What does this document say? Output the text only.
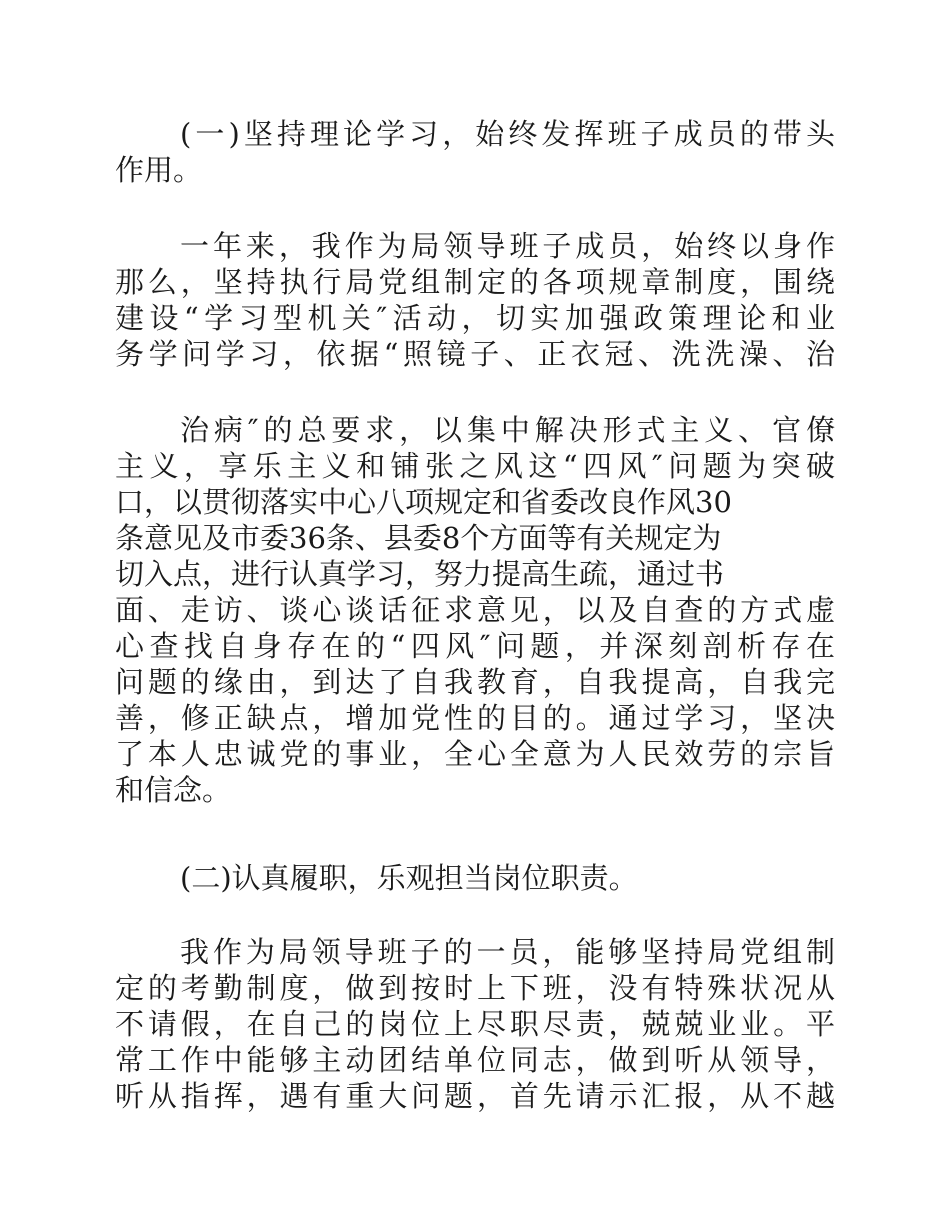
(一)坚持理论学习，始终发挥班子成员的带头

作用。

一年来，我作为局领导班子成员，始终以身作

那么，坚持执行局党组制定的各项规章制度，围绕

建设“学习型机关″活动，切实加强政策理论和业

务学问学习，依据“照镜子、正衣冠、洗洗澡、治

治病″的总要求，以集中解决形式主义、官僚

主义，享乐主义和铺张之风这“四风″问题为突破

口，以贯彻落实中心八项规定和省委改良作风30

条意见及市委36条、县委8个方面等有关规定为

切入点，进行认真学习，努力提高生疏，通过书

面、走访、谈心谈话征求意见，以及自查的方式虚

心查找自身存在的“四风″问题，并深刻剖析存在

问题的缘由，到达了自我教育，自我提高，自我完

善，修正缺点，增加党性的目的。通过学习，坚决

了本人忠诚党的事业，全心全意为人民效劳的宗旨

和信念。

(二)认真履职，乐观担当岗位职责。

我作为局领导班子的一员，能够坚持局党组制

定的考勤制度，做到按时上下班，没有特殊状况从

不请假，在自己的岗位上尽职尽责，兢兢业业。平

常工作中能够主动团结单位同志，做到听从领导，

听从指挥，遇有重大问题，首先请示汇报，从不越
